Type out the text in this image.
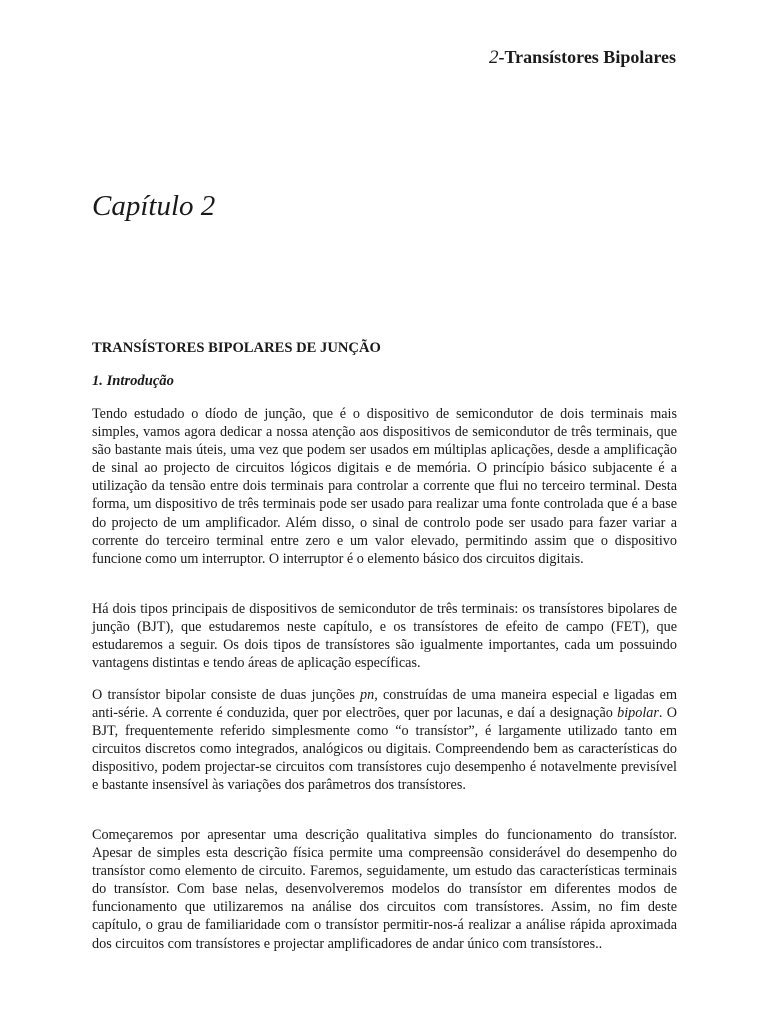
2-Transístores Bipolares
Capítulo 2
TRANSÍSTORES BIPOLARES DE JUNÇÃO
1. Introdução

Tendo estudado o díodo de junção, que é o dispositivo de semicondutor de dois terminais mais simples, vamos agora dedicar a nossa atenção aos dispositivos de semicondutor de três terminais, que são bastante mais úteis, uma vez que podem ser usados em múltiplas aplicações, desde a amplificação de sinal ao projecto de circuitos lógicos digitais e de memória. O princípio básico subjacente é a utilização da tensão entre dois terminais para controlar a corrente que flui no terceiro terminal. Desta forma, um dispositivo de três terminais pode ser usado para realizar uma fonte controlada que é a base do projecto de um amplificador. Além disso, o sinal de controlo pode ser usado para fazer variar a corrente do terceiro terminal entre zero e um valor elevado, permitindo assim que o dispositivo funcione como um interruptor. O interruptor é o elemento básico dos circuitos digitais.

Há dois tipos principais de dispositivos de semicondutor de três terminais: os transístores bipolares de junção (BJT), que estudaremos neste capítulo, e os transístores de efeito de campo (FET), que estudaremos a seguir. Os dois tipos de transístores são igualmente importantes, cada um possuindo vantagens distintas e tendo áreas de aplicação específicas.

O transístor bipolar consiste de duas junções pn, construídas de uma maneira especial e ligadas em anti-série. A corrente é conduzida, quer por electrões, quer por lacunas, e daí a designação bipolar. O BJT, frequentemente referido simplesmente como “o transístor”, é largamente utilizado tanto em circuitos discretos como integrados, analógicos ou digitais. Compreendendo bem as características do dispositivo, podem projectar-se circuitos com transístores cujo desempenho é notavelmente previsível e bastante insensível às variações dos parâmetros dos transístores.

Começaremos por apresentar uma descrição qualitativa simples do funcionamento do transístor. Apesar de simples esta descrição física permite uma compreensão considerável do desempenho do transístor como elemento de circuito. Faremos, seguidamente, um estudo das características terminais do transístor. Com base nelas, desenvolveremos modelos do transístor em diferentes modos de funcionamento que utilizaremos na análise dos circuitos com transístores. Assim, no fim deste capítulo, o grau de familiaridade com o transístor permitir-nos-á realizar a análise rápida aproximada dos circuitos com transístores e projectar amplificadores de andar único com transístores..
